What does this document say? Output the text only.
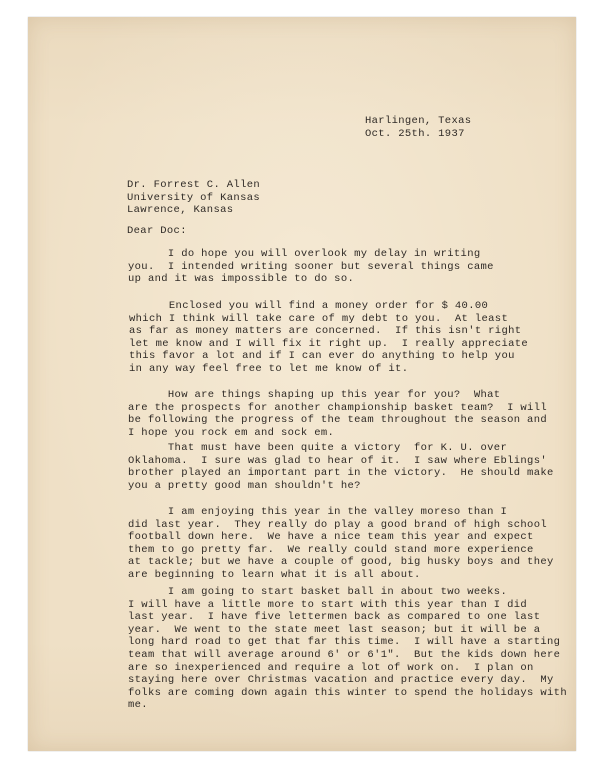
Harlingen, Texas
Oct. 25th. 1937
Dr. Forrest C. Allen
University of Kansas
Lawrence, Kansas
Dear Doc:
I do hope you will overlook my delay in writing
you.  I intended writing sooner but several things came
up and it was impossible to do so.
Enclosed you will find a money order for $ 40.00
which I think will take care of my debt to you.  At least
as far as money matters are concerned.  If this isn't right
let me know and I will fix it right up.  I really appreciate
this favor a lot and if I can ever do anything to help you
in any way feel free to let me know of it.
How are things shaping up this year for you?  What
are the prospects for another championship basket team?  I will
be following the progress of the team throughout the season and
I hope you rock em and sock em.
That must have been quite a victory  for K. U. over
Oklahoma.  I sure was glad to hear of it.  I saw where Eblings'
brother played an important part in the victory.  He should make
you a pretty good man shouldn't he?
I am enjoying this year in the valley moreso than I
did last year.  They really do play a good brand of high school
football down here.  We have a nice team this year and expect
them to go pretty far.  We really could stand more experience
at tackle; but we have a couple of good, big husky boys and they
are beginning to learn what it is all about.
I am going to start basket ball in about two weeks.
I will have a little more to start with this year than I did
last year.  I have five lettermen back as compared to one last
year.  We went to the state meet last season; but it will be a
long hard road to get that far this time.  I will have a starting
team that will average around 6' or 6'1".  But the kids down here
are so inexperienced and require a lot of work on.  I plan on
staying here over Christmas vacation and practice every day.  My
folks are coming down again this winter to spend the holidays with
me.
